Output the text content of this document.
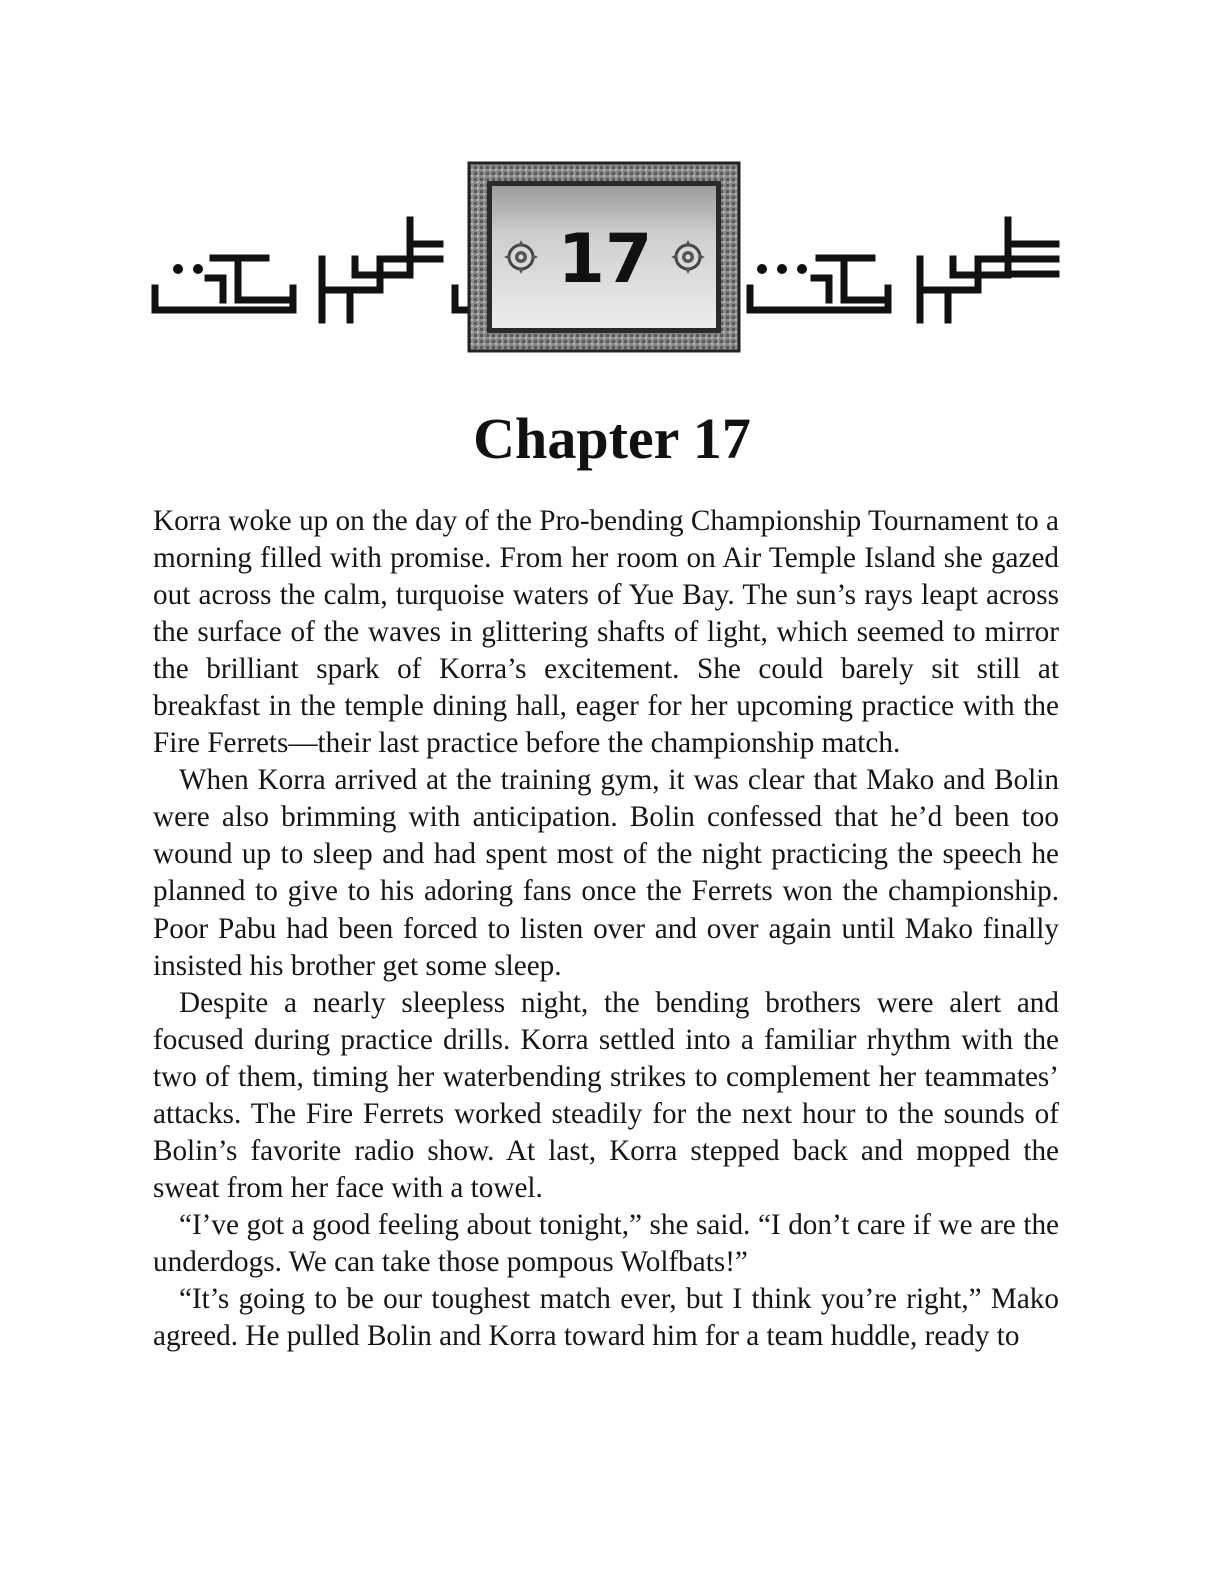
17
Chapter 17

Korra woke up on the day of the Pro-bending Championship Tournament to a morning filled with promise. From her room on Air Temple Island she gazed out across the calm, turquoise waters of Yue Bay. The sun’s rays leapt across the surface of the waves in glittering shafts of light, which seemed to mirror the brilliant spark of Korra’s excitement. She could barely sit still at breakfast in the temple dining hall, eager for her upcoming practice with the Fire Ferrets—their last practice before the championship match.

When Korra arrived at the training gym, it was clear that Mako and Bolin were also brimming with anticipation. Bolin confessed that he’d been too wound up to sleep and had spent most of the night practicing the speech he planned to give to his adoring fans once the Ferrets won the championship. Poor Pabu had been forced to listen over and over again until Mako finally insisted his brother get some sleep.

Despite a nearly sleepless night, the bending brothers were alert and focused during practice drills. Korra settled into a familiar rhythm with the two of them, timing her waterbending strikes to complement her teammates’ attacks. The Fire Ferrets worked steadily for the next hour to the sounds of Bolin’s favorite radio show. At last, Korra stepped back and mopped the sweat from her face with a towel.

“I’ve got a good feeling about tonight,” she said. “I don’t care if we are the underdogs. We can take those pompous Wolfbats!”

“It’s going to be our toughest match ever, but I think you’re right,” Mako agreed. He pulled Bolin and Korra toward him for a team huddle, ready to
